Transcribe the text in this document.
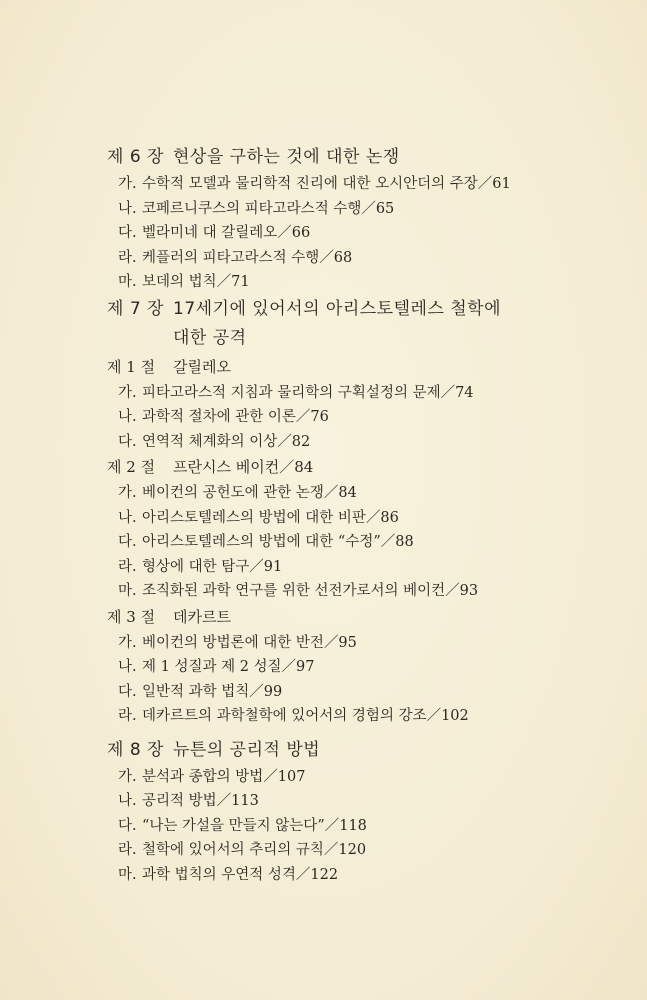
제 6 장 현상을 구하는 것에 대한 논쟁
가. 수학적 모델과 물리학적 진리에 대한 오시안더의 주장／61
나. 코페르니쿠스의 피타고라스적 수행／65
다. 벨라미네 대 갈릴레오／66
라. 케플러의 피타고라스적 수행／68
마. 보데의 법칙／71
제 7 장 17세기에 있어서의 아리스토텔레스 철학에
대한 공격
제 1 절 갈릴레오
가. 피타고라스적 지침과 물리학의 구획설정의 문제／74
나. 과학적 절차에 관한 이론／76
다. 연역적 체계화의 이상／82
제 2 절 프란시스 베이컨／84
가. 베이컨의 공헌도에 관한 논쟁／84
나. 아리스토텔레스의 방법에 대한 비판／86
다. 아리스토텔레스의 방법에 대한 “수정”／88
라. 형상에 대한 탐구／91
마. 조직화된 과학 연구를 위한 선전가로서의 베이컨／93
제 3 절 데카르트
가. 베이컨의 방법론에 대한 반전／95
나. 제 1 성질과 제 2 성질／97
다. 일반적 과학 법칙／99
라. 데카르트의 과학철학에 있어서의 경험의 강조／102
제 8 장 뉴튼의 공리적 방법
가. 분석과 종합의 방법／107
나. 공리적 방법／113
다. “나는 가설을 만들지 않는다”／118
라. 철학에 있어서의 추리의 규칙／120
마. 과학 법칙의 우연적 성격／122
